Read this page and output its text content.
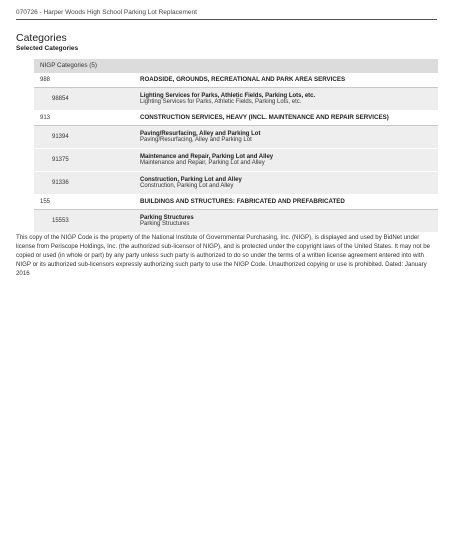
070726 - Harper Woods High School Parking Lot Replacement
Categories
Selected Categories
NIGP Categories (5)	
988	ROADSIDE, GROUNDS, RECREATIONAL AND PARK AREA SERVICES
98854	Lighting Services for Parks, Athletic Fields, Parking Lots, etc.
Lighting Services for Parks, Athletic Fields, Parking Lots, etc.

913	CONSTRUCTION SERVICES, HEAVY (INCL. MAINTENANCE AND REPAIR SERVICES)
91394	Paving/Resurfacing, Alley and Parking Lot
Paving/Resurfacing, Alley and Parking Lot

91375	Maintenance and Repair, Parking Lot and Alley
Maintenance and Repair, Parking Lot and Alley

91336	Construction, Parking Lot and Alley
Construction, Parking Lot and Alley

155	BUILDINGS AND STRUCTURES: FABRICATED AND PREFABRICATED
15553	Parking Structures
Parking Structures
This copy of the NIGP Code is the property of the National Institute of Governmental Purchasing, Inc. (NIGP), is displayed and used by BidNet under license from Periscope Holdings, Inc. (the authorized sub-licensor of NIGP), and is protected under the copyright laws of the United States. It may not be copied or used (in whole or part) by any party unless such party is authorized to do so under the terms of a written license agreement entered into with NIGP or its authorized sub-licensors expressly authorizing such party to use the NIGP Code. Unauthorized copying or use is prohibited. Dated: January 2016
